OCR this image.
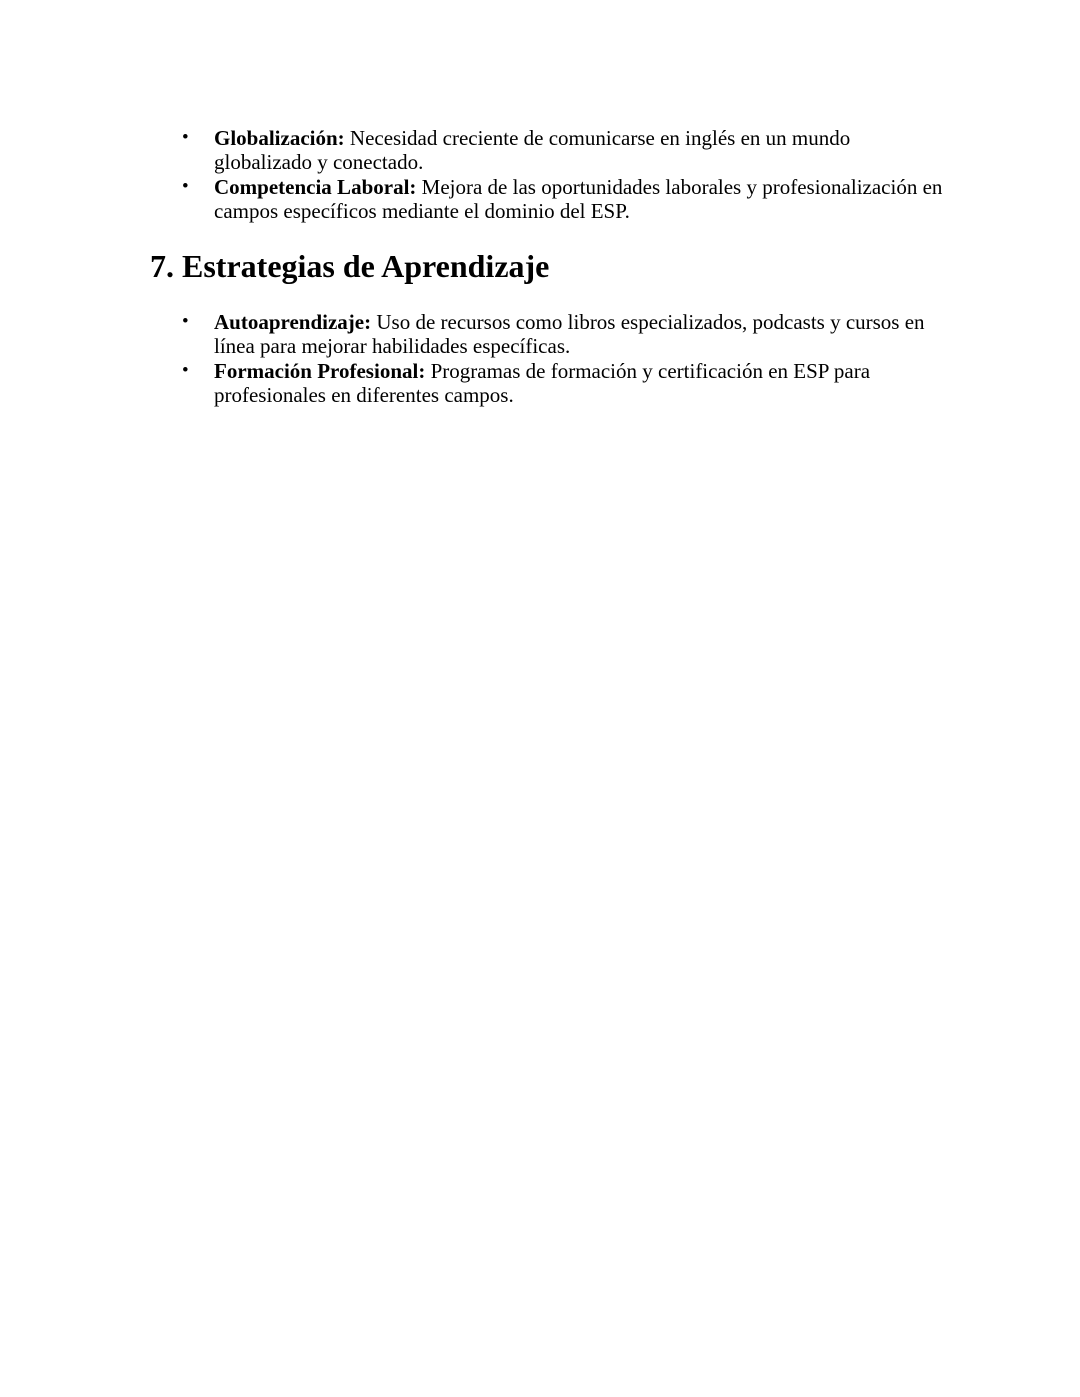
• Globalización: Necesidad creciente de comunicarse en inglés en un mundo globalizado y conectado.
• Competencia Laboral: Mejora de las oportunidades laborales y profesionalización en campos específicos mediante el dominio del ESP.
7. Estrategias de Aprendizaje
• Autoaprendizaje: Uso de recursos como libros especializados, podcasts y cursos en línea para mejorar habilidades específicas.
• Formación Profesional: Programas de formación y certificación en ESP para profesionales en diferentes campos.
